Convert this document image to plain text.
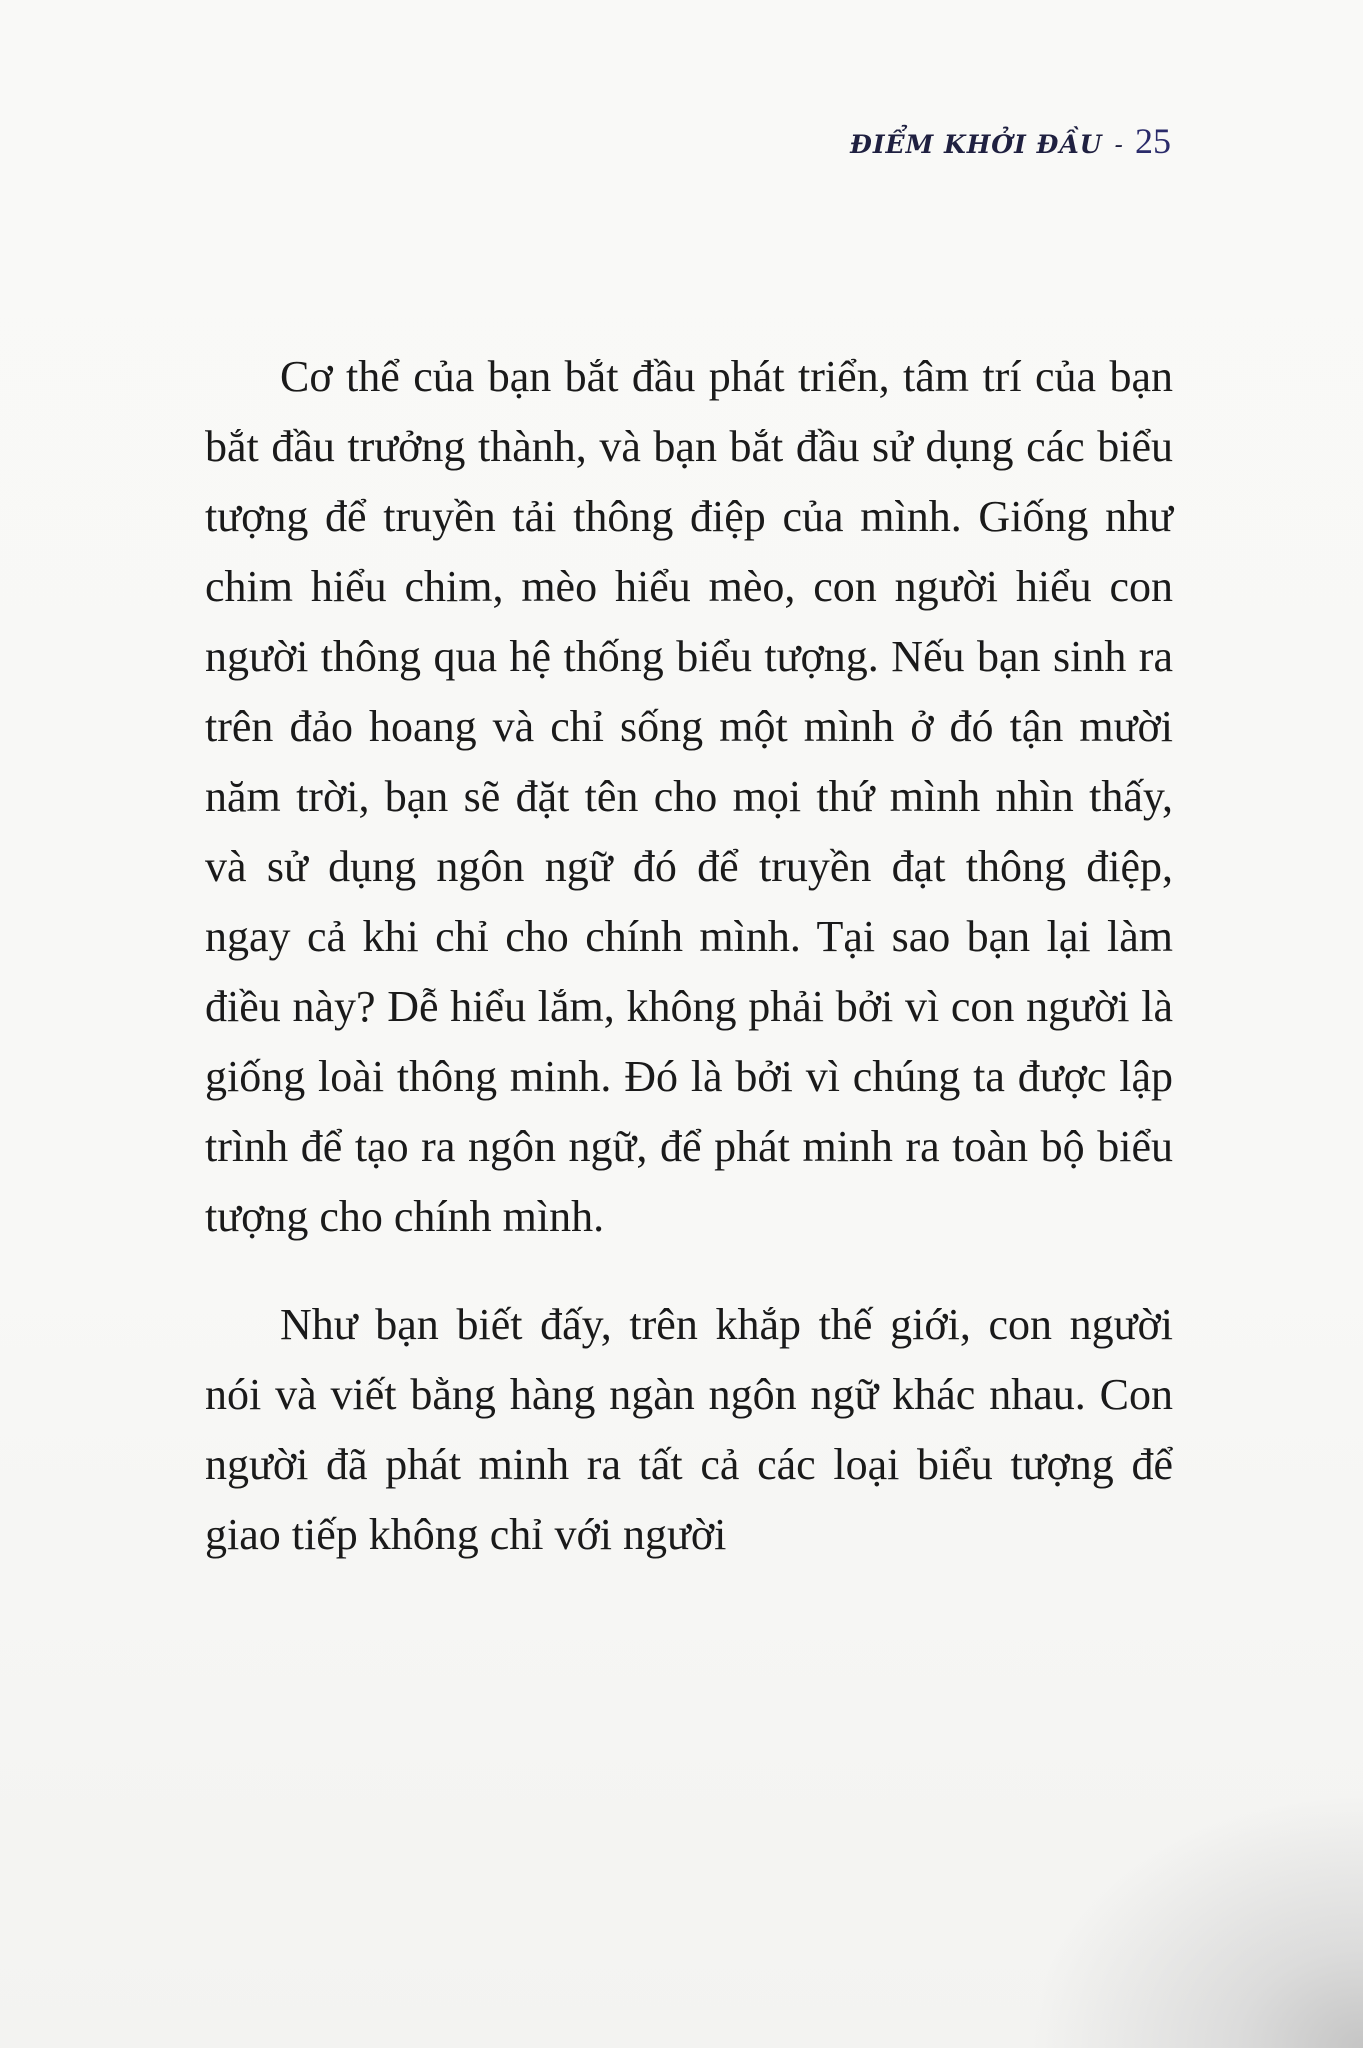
ĐIỂM KHỞI ĐẦU - 25

Cơ thể của bạn bắt đầu phát triển, tâm trí của bạn bắt đầu trưởng thành, và bạn bắt đầu sử dụng các biểu tượng để truyền tải thông điệp của mình. Giống như chim hiểu chim, mèo hiểu mèo, con người hiểu con người thông qua hệ thống biểu tượng. Nếu bạn sinh ra trên đảo hoang và chỉ sống một mình ở đó tận mười năm trời, bạn sẽ đặt tên cho mọi thứ mình nhìn thấy, và sử dụng ngôn ngữ đó để truyền đạt thông điệp, ngay cả khi chỉ cho chính mình. Tại sao bạn lại làm điều này? Dễ hiểu lắm, không phải bởi vì con người là giống loài thông minh. Đó là bởi vì chúng ta được lập trình để tạo ra ngôn ngữ, để phát minh ra toàn bộ biểu tượng cho chính mình.

Như bạn biết đấy, trên khắp thế giới, con người nói và viết bằng hàng ngàn ngôn ngữ khác nhau. Con người đã phát minh ra tất cả các loại biểu tượng để giao tiếp không chỉ với người
